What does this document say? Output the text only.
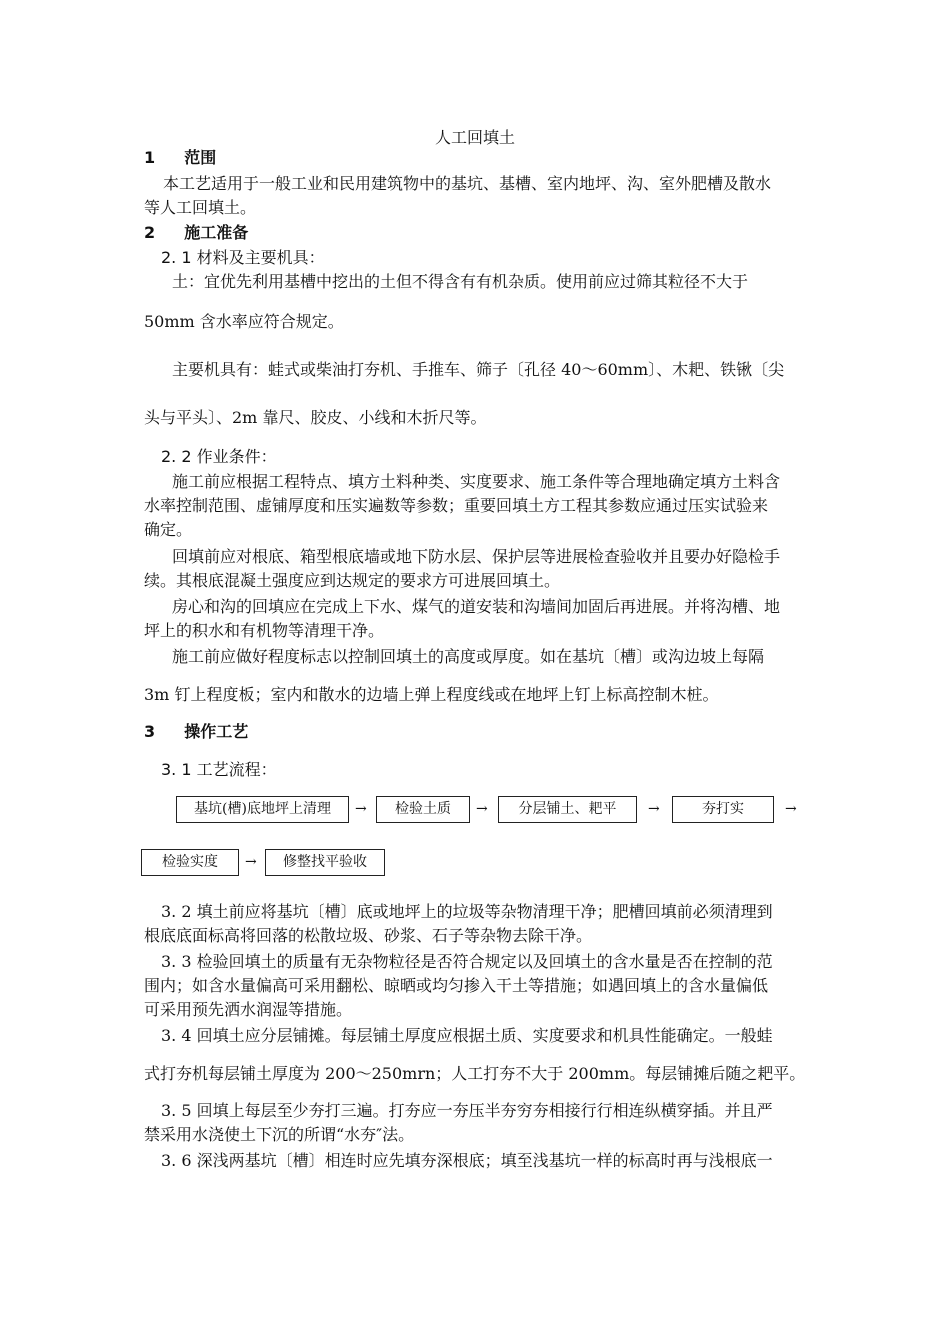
人工回填土
1 范围
本工艺适用于一般工业和民用建筑物中的基坑、基槽、室内地坪、沟、室外肥槽及散水
等人工回填土。
2 施工准备
2. 1 材料及主要机具：
土：宜优先利用基槽中挖出的土但不得含有有机杂质。使用前应过筛其粒径不大于
50mm 含水率应符合规定。
主要机具有：蛙式或柴油打夯机、手推车、筛子〔孔径 40～60mm〕、木耙、铁锹〔尖
头与平头〕、2m 靠尺、胶皮、小线和木折尺等。
2. 2 作业条件：
施工前应根据工程特点、填方土料种类、实度要求、施工条件等合理地确定填方土料含
水率控制范围、虚铺厚度和压实遍数等参数；重要回填土方工程其参数应通过压实试验来
确定。
回填前应对根底、箱型根底墙或地下防水层、保护层等进展检查验收并且要办好隐检手
续。其根底混凝土强度应到达规定的要求方可进展回填土。
房心和沟的回填应在完成上下水、煤气的道安装和沟墙间加固后再进展。并将沟槽、地
坪上的积水和有机物等清理干净。
施工前应做好程度标志以控制回填土的高度或厚度。如在基坑〔槽〕或沟边坡上每隔
3m 钉上程度板；室内和散水的边墙上弹上程度线或在地坪上钉上标高控制木桩。
3 操作工艺
3. 1 工艺流程：
基坑(槽)底地坪上清理	→	检验土质	→	分层铺土、耙平	→	夯打实	→
检验实度	→	修整找平验收
3. 2 填土前应将基坑〔槽〕底或地坪上的垃圾等杂物清理干净；肥槽回填前必须清理到
根底底面标高将回落的松散垃圾、砂浆、石子等杂物去除干净。
3. 3 检验回填土的质量有无杂物粒径是否符合规定以及回填土的含水量是否在控制的范
围内；如含水量偏高可采用翻松、晾晒或均匀掺入干土等措施；如遇回填上的含水量偏低
可采用预先洒水润湿等措施。
3. 4 回填土应分层铺摊。每层铺土厚度应根据土质、实度要求和机具性能确定。一般蛙
式打夯机每层铺土厚度为 200～250mrn；人工打夯不大于 200mm。每层铺摊后随之耙平。
3. 5 回填上每层至少夯打三遍。打夯应一夯压半夯穷夯相接行行相连纵横穿插。并且严
禁采用水浇使土下沉的所谓“水夯″法。
3. 6 深浅两基坑〔槽〕相连时应先填夯深根底；填至浅基坑一样的标高时再与浅根底一
